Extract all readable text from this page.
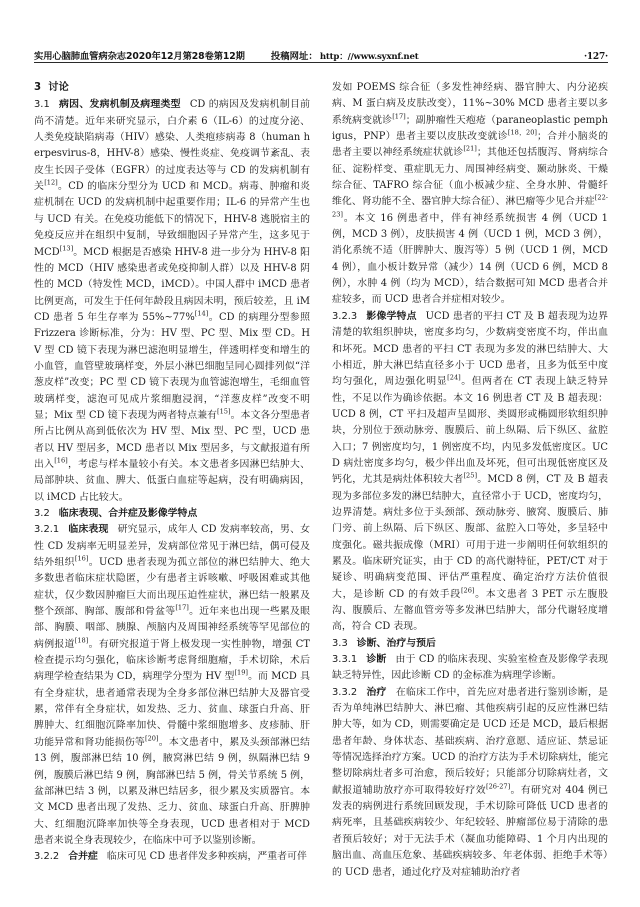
实用心脑肺血管病杂志2020年12月第28卷第12期	投稿网址： http：//www.syxnf.net	·127·
3 讨论

3.1 病因、发病机制及病理类型 CD 的病因及发病机制目前尚不清楚。近年来研究显示，白介素 6（IL-6）的过度分泌、人类免疫缺陷病毒（HIV）感染、人类疱疹病毒 8（human herpesvirus-8，HHV-8）感染、慢性炎症、免疫调节紊乱、表皮生长因子受体（EGFR）的过度表达等与 CD 的发病机制有关[12]。CD 的临床分型分为 UCD 和 MCD。病毒、肿瘤和炎症机制在 UCD 的发病机制中起重要作用；IL-6 的异常产生也与 UCD 有关。在免疫功能低下的情况下，HHV-8 逃脱宿主的免疫反应并在组织中复制，导致细胞因子异常产生，这多见于 MCD[13]。MCD 根据是否感染 HHV-8 进一步分为 HHV-8 阳性的 MCD（HIV 感染患者或免疫抑制人群）以及 HHV-8 阴性的 MCD（特发性 MCD，iMCD）。中国人群中 iMCD 患者比例更高，可发生于任何年龄段且病因未明，预后较差，且 iMCD 患者 5 年生存率为 55%~77%[14]。CD 的病理分型参照 Frizzera 诊断标准，分为：HV 型、PC 型、Mix 型 CD。HV 型 CD 镜下表现为淋巴滤泡明显增生，伴透明样变和增生的小血管，血管壁玻璃样变，外层小淋巴细胞呈同心圆排列似“洋葱皮样”改变；PC 型 CD 镜下表现为血管滤泡增生，毛细血管玻璃样变，滤泡可见成片浆细胞浸润，“洋葱皮样”改变不明显；Mix 型 CD 镜下表现为两者特点兼有[15]。本文各分型患者所占比例从高到低依次为 HV 型、Mix 型、PC 型，UCD 患者以 HV 型居多，MCD 患者以 Mix 型居多，与文献报道有所出入[16]，考虑与样本量较小有关。本文患者多因淋巴结肿大、局部肿块、贫血、脾大、低蛋白血症等起病，没有明确病因，以 iMCD 占比较大。

3.2 临床表现、合并症及影像学特点

3.2.1 临床表现 研究显示，成年人 CD 发病率较高，男、女性 CD 发病率无明显差异，发病部位常见于淋巴结，偶可侵及结外组织[16]。UCD 患者表现为孤立部位的淋巴结肿大、绝大多数患者临床症状隐匿，少有患者主诉咳嗽、呼吸困难或其他症状，仅少数因肿瘤巨大而出现压迫性症状，淋巴结一般累及整个颈部、胸部、腹部和骨盆等[17]。近年来也出现一些累及眼部、胸膜、咽部、胰腺、颅脑内及周围神经系统等罕见部位的病例报道[18]。有研究报道于肾上极发现一实性肿物，增强 CT 检查提示均匀强化，临床诊断考虑肾细胞瘤，手术切除，术后病理学检查结果为 CD，病理学分型为 HV 型[19]。而 MCD 具有全身症状，患者通常表现为全身多部位淋巴结肿大及器官受累，常伴有全身症状，如发热、乏力、贫血、球蛋白升高、肝脾肿大、红细胞沉降率加快、骨髓中浆细胞增多、皮疹肺、肝功能异常和肾功能损伤等[20]。本文患者中，累及头颈部淋巴结 13 例，腹部淋巴结 10 例，腋窝淋巴结 9 例，纵隔淋巴结 9 例，腹膜后淋巴结 9 例，胸部淋巴结 5 例，骨关节系统 5 例，盆部淋巴结 3 例，以累及淋巴结居多，很少累及实质器官。本文 MCD 患者出现了发热、乏力、贫血、球蛋白升高、肝脾肿大、红细胞沉降率加快等全身表现，UCD 患者相对于 MCD 患者来说全身表现较少，在临床中可予以鉴别诊断。

3.2.2 合并症 临床可见 CD 患者伴发多种疾病，严重者可伴

发如 POEMS 综合征（多发性神经病、器官肿大、内分泌疾病、M 蛋白病及皮肤改变），11%~30% MCD 患者主要以多系统病变就诊[17]；副肿瘤性天疱疮（paraneoplastic pemphigus，PNP）患者主要以皮肤改变就诊[18，20]；合并小脑炎的患者主要以神经系统症状就诊[21]；其他还包括腹泻、肾病综合征、淀粉样变、重症肌无力、周围神经病变、颞动脉炎、干燥综合征、TAFRO 综合征（血小板减少症、全身水肿、骨髓纤维化、肾功能不全、器官肿大综合征）、淋巴瘤等少见合并症[22-23]。本文 16 例患者中，伴有神经系统损害 4 例（UCD 1 例，MCD 3 例），皮肤损害 4 例（UCD 1 例，MCD 3 例），消化系统不适（肝脾肿大、腹泻等）5 例（UCD 1 例，MCD 4 例），血小板计数异常（减少）14 例（UCD 6 例，MCD 8 例），水肿 4 例（均为 MCD），结合数据可知 MCD 患者合并症较多，而 UCD 患者合并症相对较少。

3.2.3 影像学特点 UCD 患者的平扫 CT 及 B 超表现为边界清楚的软组织肿块，密度多均匀，少数病变密度不均，伴出血和坏死。MCD 患者的平扫 CT 表现为多发的淋巴结肿大、大小相近，肿大淋巴结直径多小于 UCD 患者，且多为低至中度均匀强化，周边强化明显[24]。但两者在 CT 表现上缺乏特异性，不足以作为确诊依据。本文 16 例患者 CT 及 B 超表现：UCD 8 例，CT 平扫及超声呈圆形、类圆形或椭圆形软组织肿块，分别位于颈动脉旁、腹膜后、前上纵隔、后下纵区、盆腔入口；7 例密度均匀，1 例密度不均，内见多发低密度区。UCD 病灶密度多均匀，极少伴出血及坏死，但可出现低密度区及钙化，尤其是病灶体积较大者[25]。MCD 8 例，CT 及 B 超表现为多部位多发的淋巴结肿大，直径常小于 UCD，密度均匀，边界清楚。病灶多位于头颈部、颈动脉旁、腋窝、腹膜后、肺门旁、前上纵隔、后下纵区、腹部、盆腔入口等处，多呈轻中度强化。磁共振成像（MRI）可用于进一步阐明任何软组织的累及。临床研究证实，由于 CD 的高代谢特征，PET/CT 对于疑诊、明确病变范围、评估严重程度、确定治疗方法价值很大，是诊断 CD 的有效手段[26]。本文患者 3 PET 示左腹股沟、腹膜后、左髂血管旁等多发淋巴结肿大，部分代谢轻度增高，符合 CD 表现。

3.3 诊断、治疗与预后

3.3.1 诊断 由于 CD 的临床表现、实验室检查及影像学表现缺乏特异性，因此诊断 CD 的金标准为病理学诊断。

3.3.2 治疗 在临床工作中，首先应对患者进行鉴别诊断，是否为单纯淋巴结肿大、淋巴瘤、其他疾病引起的反应性淋巴结肿大等，如为 CD，则需要确定是 UCD 还是 MCD，最后根据患者年龄、身体状态、基础疾病、治疗意愿、适应证、禁忌证等情况选择治疗方案。UCD 的治疗方法为手术切除病灶，能完整切除病灶者多可治愈，预后较好；只能部分切除病灶者，文献报道辅助放疗亦可取得较好疗效[26-27]。有研究对 404 例已发表的病例进行系统回顾发现，手术切除可降低 UCD 患者的病死率，且基础疾病较少、年纪较轻、肿瘤部位易于清除的患者预后较好；对于无法手术（凝血功能障碍、1 个月内出现的脑出血、高血压危象、基础疾病较多、年老体弱、拒绝手术等）的 UCD 患者，通过化疗及对症辅助治疗者
